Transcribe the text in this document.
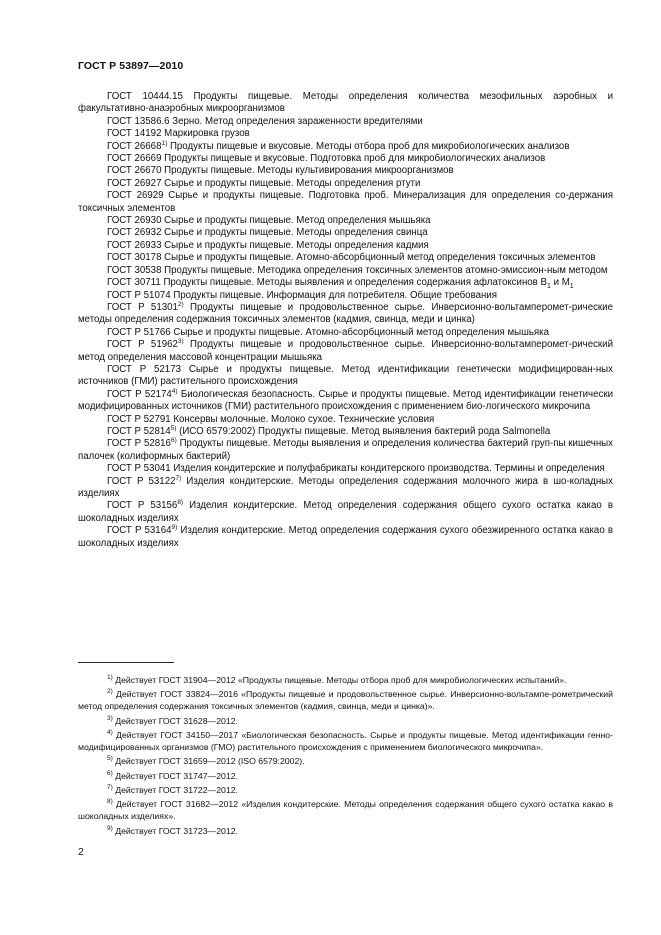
ГОСТ Р 53897—2010

ГОСТ 10444.15 Продукты пищевые. Методы определения количества мезофильных аэробных и факультативно-анаэробных микроорганизмов

ГОСТ 13586.6 Зерно. Метод определения зараженности вредителями

ГОСТ 14192 Маркировка грузов

ГОСТ 26668$^{1)}$ Продукты пищевые и вкусовые. Методы отбора проб для микробиологических анализов

ГОСТ 26669 Продукты пищевые и вкусовые. Подготовка проб для микробиологических анализов

ГОСТ 26670 Продукты пищевые. Методы культивирования микроорганизмов

ГОСТ 26927 Сырье и продукты пищевые. Методы определения ртути

ГОСТ 26929 Сырье и продукты пищевые. Подготовка проб. Минерализация для определения со-держания токсичных элементов

ГОСТ 26930 Сырье и продукты пищевые. Метод определения мышьяка

ГОСТ 26932 Сырье и продукты пищевые. Методы определения свинца

ГОСТ 26933 Сырье и продукты пищевые. Методы определения кадмия

ГОСТ 30178 Сырье и продукты пищевые. Атомно-абсорбционный метод определения токсичных элементов

ГОСТ 30538 Продукты пищевые. Методика определения токсичных элементов атомно-эмиссион-ным методом

ГОСТ 30711 Продукты пищевые. Методы выявления и определения содержания афлатоксинов $В_1$ и $М_1$

ГОСТ Р 51074 Продукты пищевые. Информация для потребителя. Общие требования

ГОСТ Р 51301$^{2)}$ Продукты пищевые и продовольственное сырье. Инверсионно-вольтамперомет-рические методы определения содержания токсичных элементов (кадмия, свинца, меди и цинка)

ГОСТ Р 51766 Сырье и продукты пищевые. Атомно-абсорбционный метод определения мышьяка

ГОСТ Р 51962$^{3)}$ Продукты пищевые и продовольственное сырье. Инверсионно-вольтамперомет-рический метод определения массовой концентрации мышьяка

ГОСТ Р 52173 Сырье и продукты пищевые. Метод идентификации генетически модифицирован-ных источников (ГМИ) растительного происхождения

ГОСТ Р 52174$^{4)}$ Биологическая безопасность. Сырье и продукты пищевые. Метод идентификации генетически модифицированных источников (ГМИ) растительного происхождения с применением био-логического микрочипа

ГОСТ Р 52791 Консервы молочные. Молоко сухое. Технические условия

ГОСТ Р 52814$^{5)}$ (ИСО 6579:2002) Продукты пищевые. Метод выявления бактерий рода Salmonella

ГОСТ Р 52816$^{6)}$ Продукты пищевые. Методы выявления и определения количества бактерий груп-пы кишечных палочек (колиформных бактерий)

ГОСТ Р 53041 Изделия кондитерские и полуфабрикаты кондитерского производства. Термины и определения

ГОСТ Р 53122$^{7)}$ Изделия кондитерские. Методы определения содержания молочного жира в шо-коладных изделиях

ГОСТ Р 53156$^{8)}$ Изделия кондитерские. Метод определения содержания общего сухого остатка какао в шоколадных изделиях

ГОСТ Р 53164$^{9)}$ Изделия кондитерские. Метод определения содержания сухого обезжиренного остатка какао в шоколадных изделиях

$^{1)}$ Действует ГОСТ 31904—2012 «Продукты пищевые. Методы отбора проб для микробиологических испытаний».

$^{2)}$ Действует ГОСТ 33824—2016 «Продукты пищевые и продовольственное сырье. Инверсионно-вольтампе-рометрический метод определения содержания токсичных элементов (кадмия, свинца, меди и цинка)».

$^{3)}$ Действует ГОСТ 31628—2012.

$^{4)}$ Действует ГОСТ 34150—2017 «Биологическая безопасность. Сырье и продукты пищевые. Метод идентификации генно-модифицированных организмов (ГМО) растительного происхождения с применением биологического микрочипа».

$^{5)}$ Действует ГОСТ 31659—2012 (ISO 6579:2002).

$^{6)}$ Действует ГОСТ 31747—2012.

$^{7)}$ Действует ГОСТ 31722—2012.

$^{8)}$ Действует ГОСТ 31682—2012 «Изделия кондитерские. Методы определения содержания общего сухого остатка какао в шоколадных изделиях».

$^{9)}$ Действует ГОСТ 31723—2012.

2
